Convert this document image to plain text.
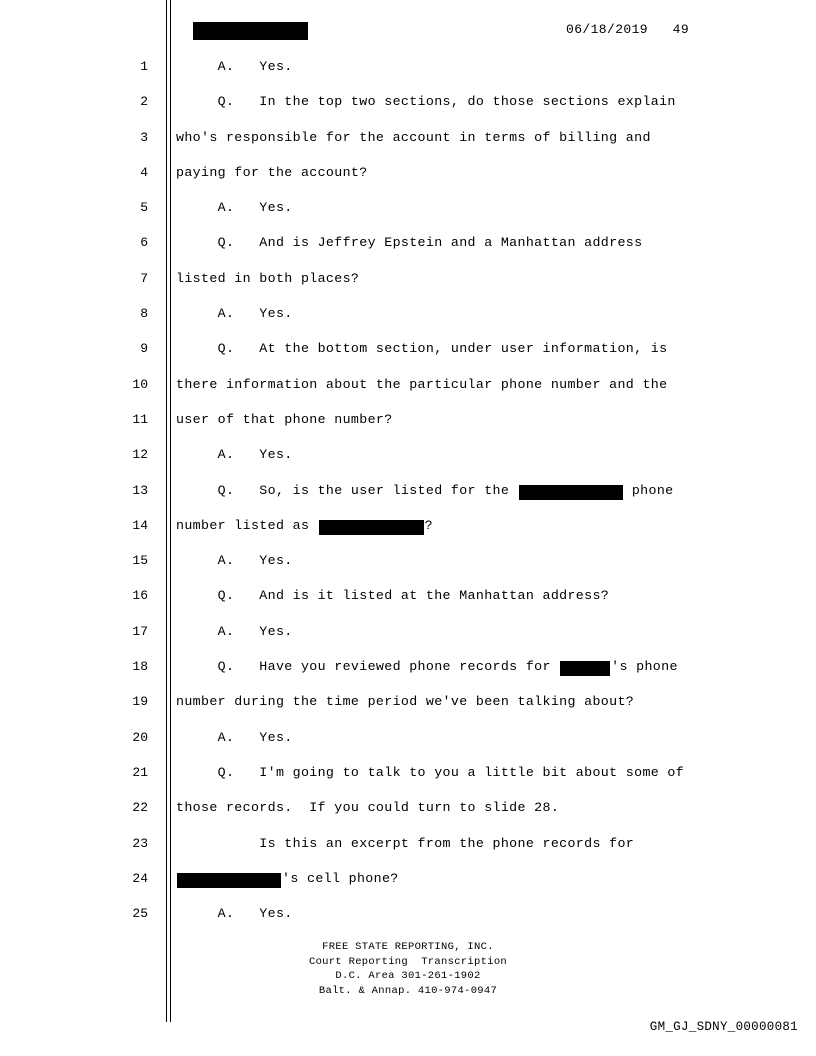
06/18/2019   49
1 A.   Yes.
2 Q.   In the top two sections, do those sections explain
3 who's responsible for the account in terms of billing and
4 paying for the account?
5 A.   Yes.
6 Q.   And is Jeffrey Epstein and a Manhattan address
7 listed in both places?
8 A.   Yes.
9 Q.   At the bottom section, under user information, is
10 there information about the particular phone number and the
11 user of that phone number?
12 A.   Yes.
13 Q.   So, is the user listed for the	phone
14 number listed as	?
15 A.   Yes.
16 Q.   And is it listed at the Manhattan address?
17 A.   Yes.
18 Q.   Have you reviewed phone records for	's phone
19 number during the time period we've been talking about?
20 A.   Yes.
21 Q.   I'm going to talk to you a little bit about some of
22 those records.  If you could turn to slide 28.
23 Is this an excerpt from the phone records for
24	's cell phone?
25 A.   Yes.
FREE STATE REPORTING, INC.
Court Reporting  Transcription
D.C. Area 301-261-1902
Balt. & Annap. 410-974-0947
GM_GJ_SDNY_00000081
